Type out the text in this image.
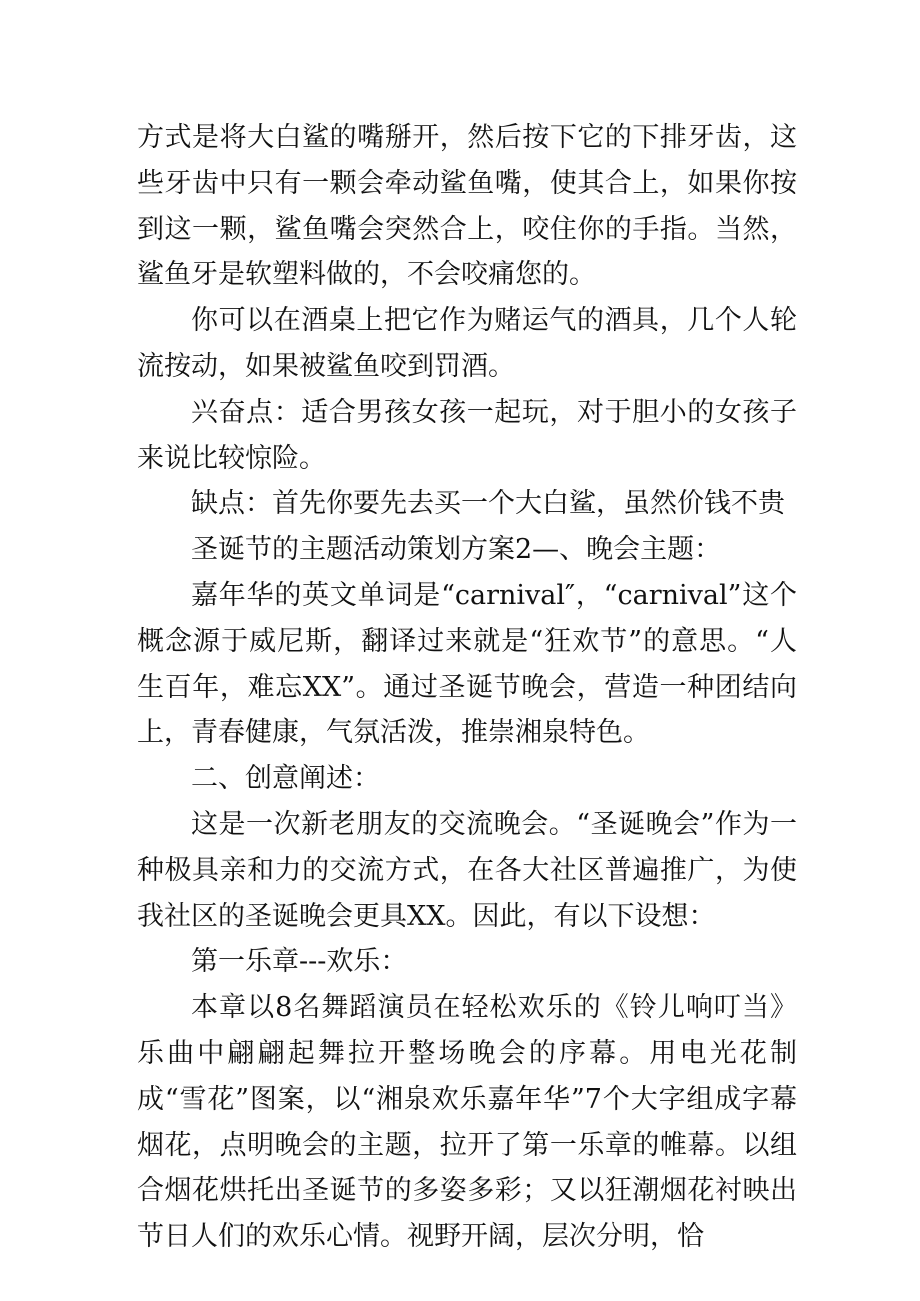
方式是将大白鲨的嘴掰开，然后按下它的下排牙齿，这些牙齿中只有一颗会牵动鲨鱼嘴，使其合上，如果你按到这一颗，鲨鱼嘴会突然合上，咬住你的手指。当然，鲨鱼牙是软塑料做的，不会咬痛您的。

你可以在酒桌上把它作为赌运气的酒具，几个人轮流按动，如果被鲨鱼咬到罚酒。

兴奋点：适合男孩女孩一起玩，对于胆小的女孩子来说比较惊险。

缺点：首先你要先去买一个大白鲨，虽然价钱不贵

圣诞节的主题活动策划方案2—、晚会主题：

嘉年华的英文单词是“carnival″，“carnival”这个概念源于威尼斯，翻译过来就是“狂欢节”的意思。“人生百年，难忘XX”。通过圣诞节晚会，营造一种团结向上，青春健康，气氛活泼，推崇湘泉特色。

二、创意阐述：

这是一次新老朋友的交流晚会。“圣诞晚会”作为一种极具亲和力的交流方式，在各大社区普遍推广，为使我社区的圣诞晚会更具XX。因此，有以下设想：

第一乐章---欢乐：

本章以8名舞蹈演员在轻松欢乐的《铃儿响叮当》乐曲中翩翩起舞拉开整场晚会的序幕。用电光花制成“雪花”图案，以“湘泉欢乐嘉年华”7个大字组成字幕烟花，点明晚会的主题，拉开了第一乐章的帷幕。以组合烟花烘托出圣诞节的多姿多彩；又以狂潮烟花衬映出节日人们的欢乐心情。视野开阔，层次分明，恰
